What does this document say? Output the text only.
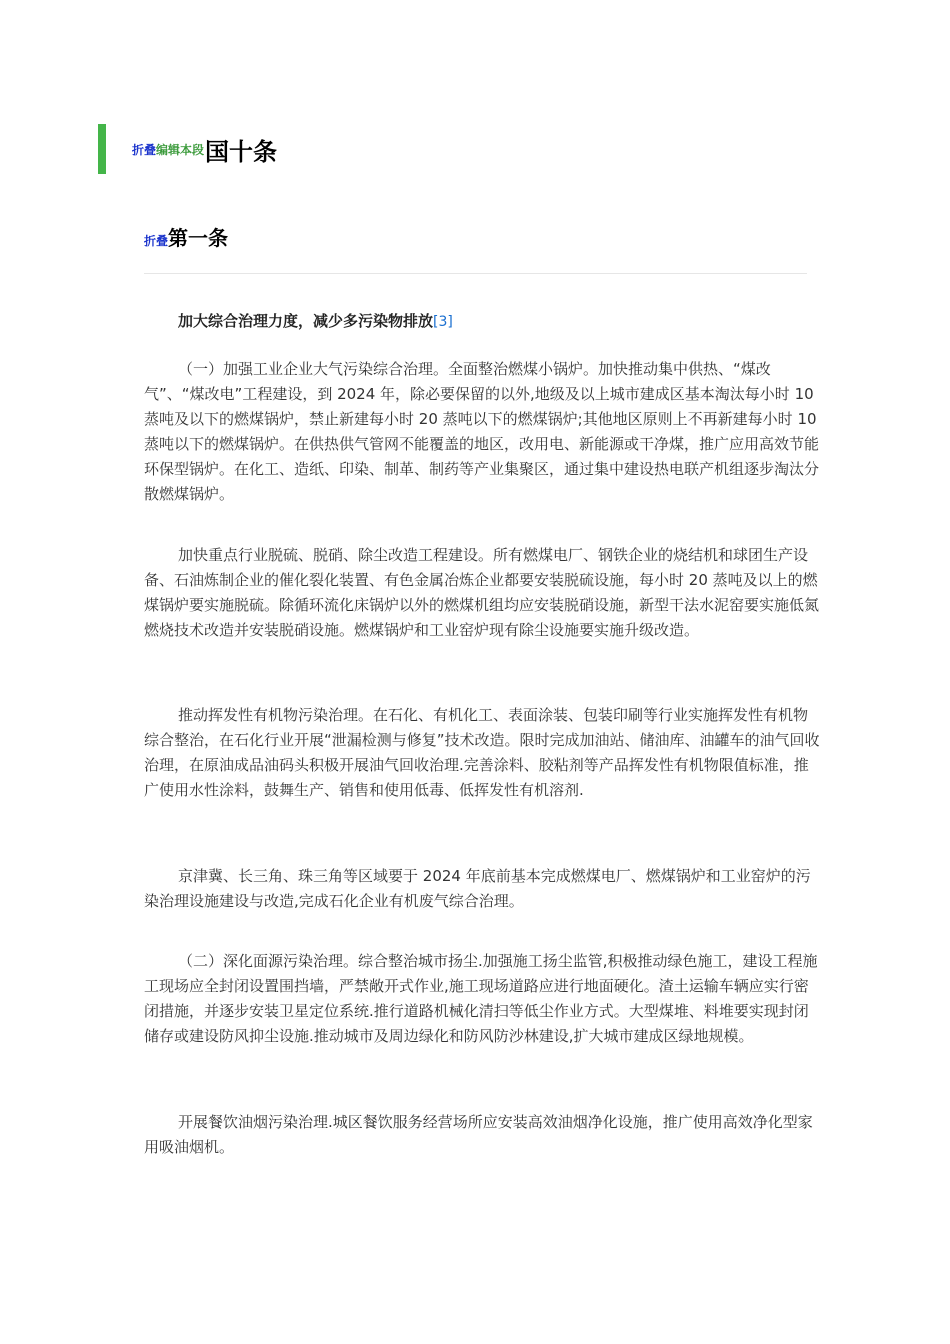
折叠 编辑本段 国十条
折叠 第一条
加大综合治理力度，减少多污染物排放[3]

（一）加强工业企业大气污染综合治理。全面整治燃煤小锅炉。加快推动集中供热、“煤改气”、“煤改电”工程建设，到 2024 年，除必要保留的以外,地级及以上城市建成区基本淘汰每小时 10 蒸吨及以下的燃煤锅炉，禁止新建每小时 20 蒸吨以下的燃煤锅炉;其他地区原则上不再新建每小时 10 蒸吨以下的燃煤锅炉。在供热供气管网不能覆盖的地区，改用电、新能源或干净煤，推广应用高效节能环保型锅炉。在化工、造纸、印染、制革、制药等产业集聚区，通过集中建设热电联产机组逐步淘汰分散燃煤锅炉。

加快重点行业脱硫、脱硝、除尘改造工程建设。所有燃煤电厂、钢铁企业的烧结机和球团生产设备、石油炼制企业的催化裂化装置、有色金属冶炼企业都要安装脱硫设施，每小时 20 蒸吨及以上的燃煤锅炉要实施脱硫。除循环流化床锅炉以外的燃煤机组均应安装脱硝设施，新型干法水泥窑要实施低氮燃烧技术改造并安装脱硝设施。燃煤锅炉和工业窑炉现有除尘设施要实施升级改造。

推动挥发性有机物污染治理。在石化、有机化工、表面涂装、包装印刷等行业实施挥发性有机物综合整治，在石化行业开展“泄漏检测与修复”技术改造。限时完成加油站、储油库、油罐车的油气回收治理，在原油成品油码头积极开展油气回收治理.完善涂料、胶粘剂等产品挥发性有机物限值标准，推广使用水性涂料，鼓舞生产、销售和使用低毒、低挥发性有机溶剂.

京津冀、长三角、珠三角等区域要于 2024 年底前基本完成燃煤电厂、燃煤锅炉和工业窑炉的污染治理设施建设与改造,完成石化企业有机废气综合治理。

（二）深化面源污染治理。综合整治城市扬尘.加强施工扬尘监管,积极推动绿色施工，建设工程施工现场应全封闭设置围挡墙，严禁敞开式作业,施工现场道路应进行地面硬化。渣土运输车辆应实行密闭措施，并逐步安装卫星定位系统.推行道路机械化清扫等低尘作业方式。大型煤堆、料堆要实现封闭储存或建设防风抑尘设施.推动城市及周边绿化和防风防沙林建设,扩大城市建成区绿地规模。

开展餐饮油烟污染治理.城区餐饮服务经营场所应安装高效油烟净化设施，推广使用高效净化型家用吸油烟机。
